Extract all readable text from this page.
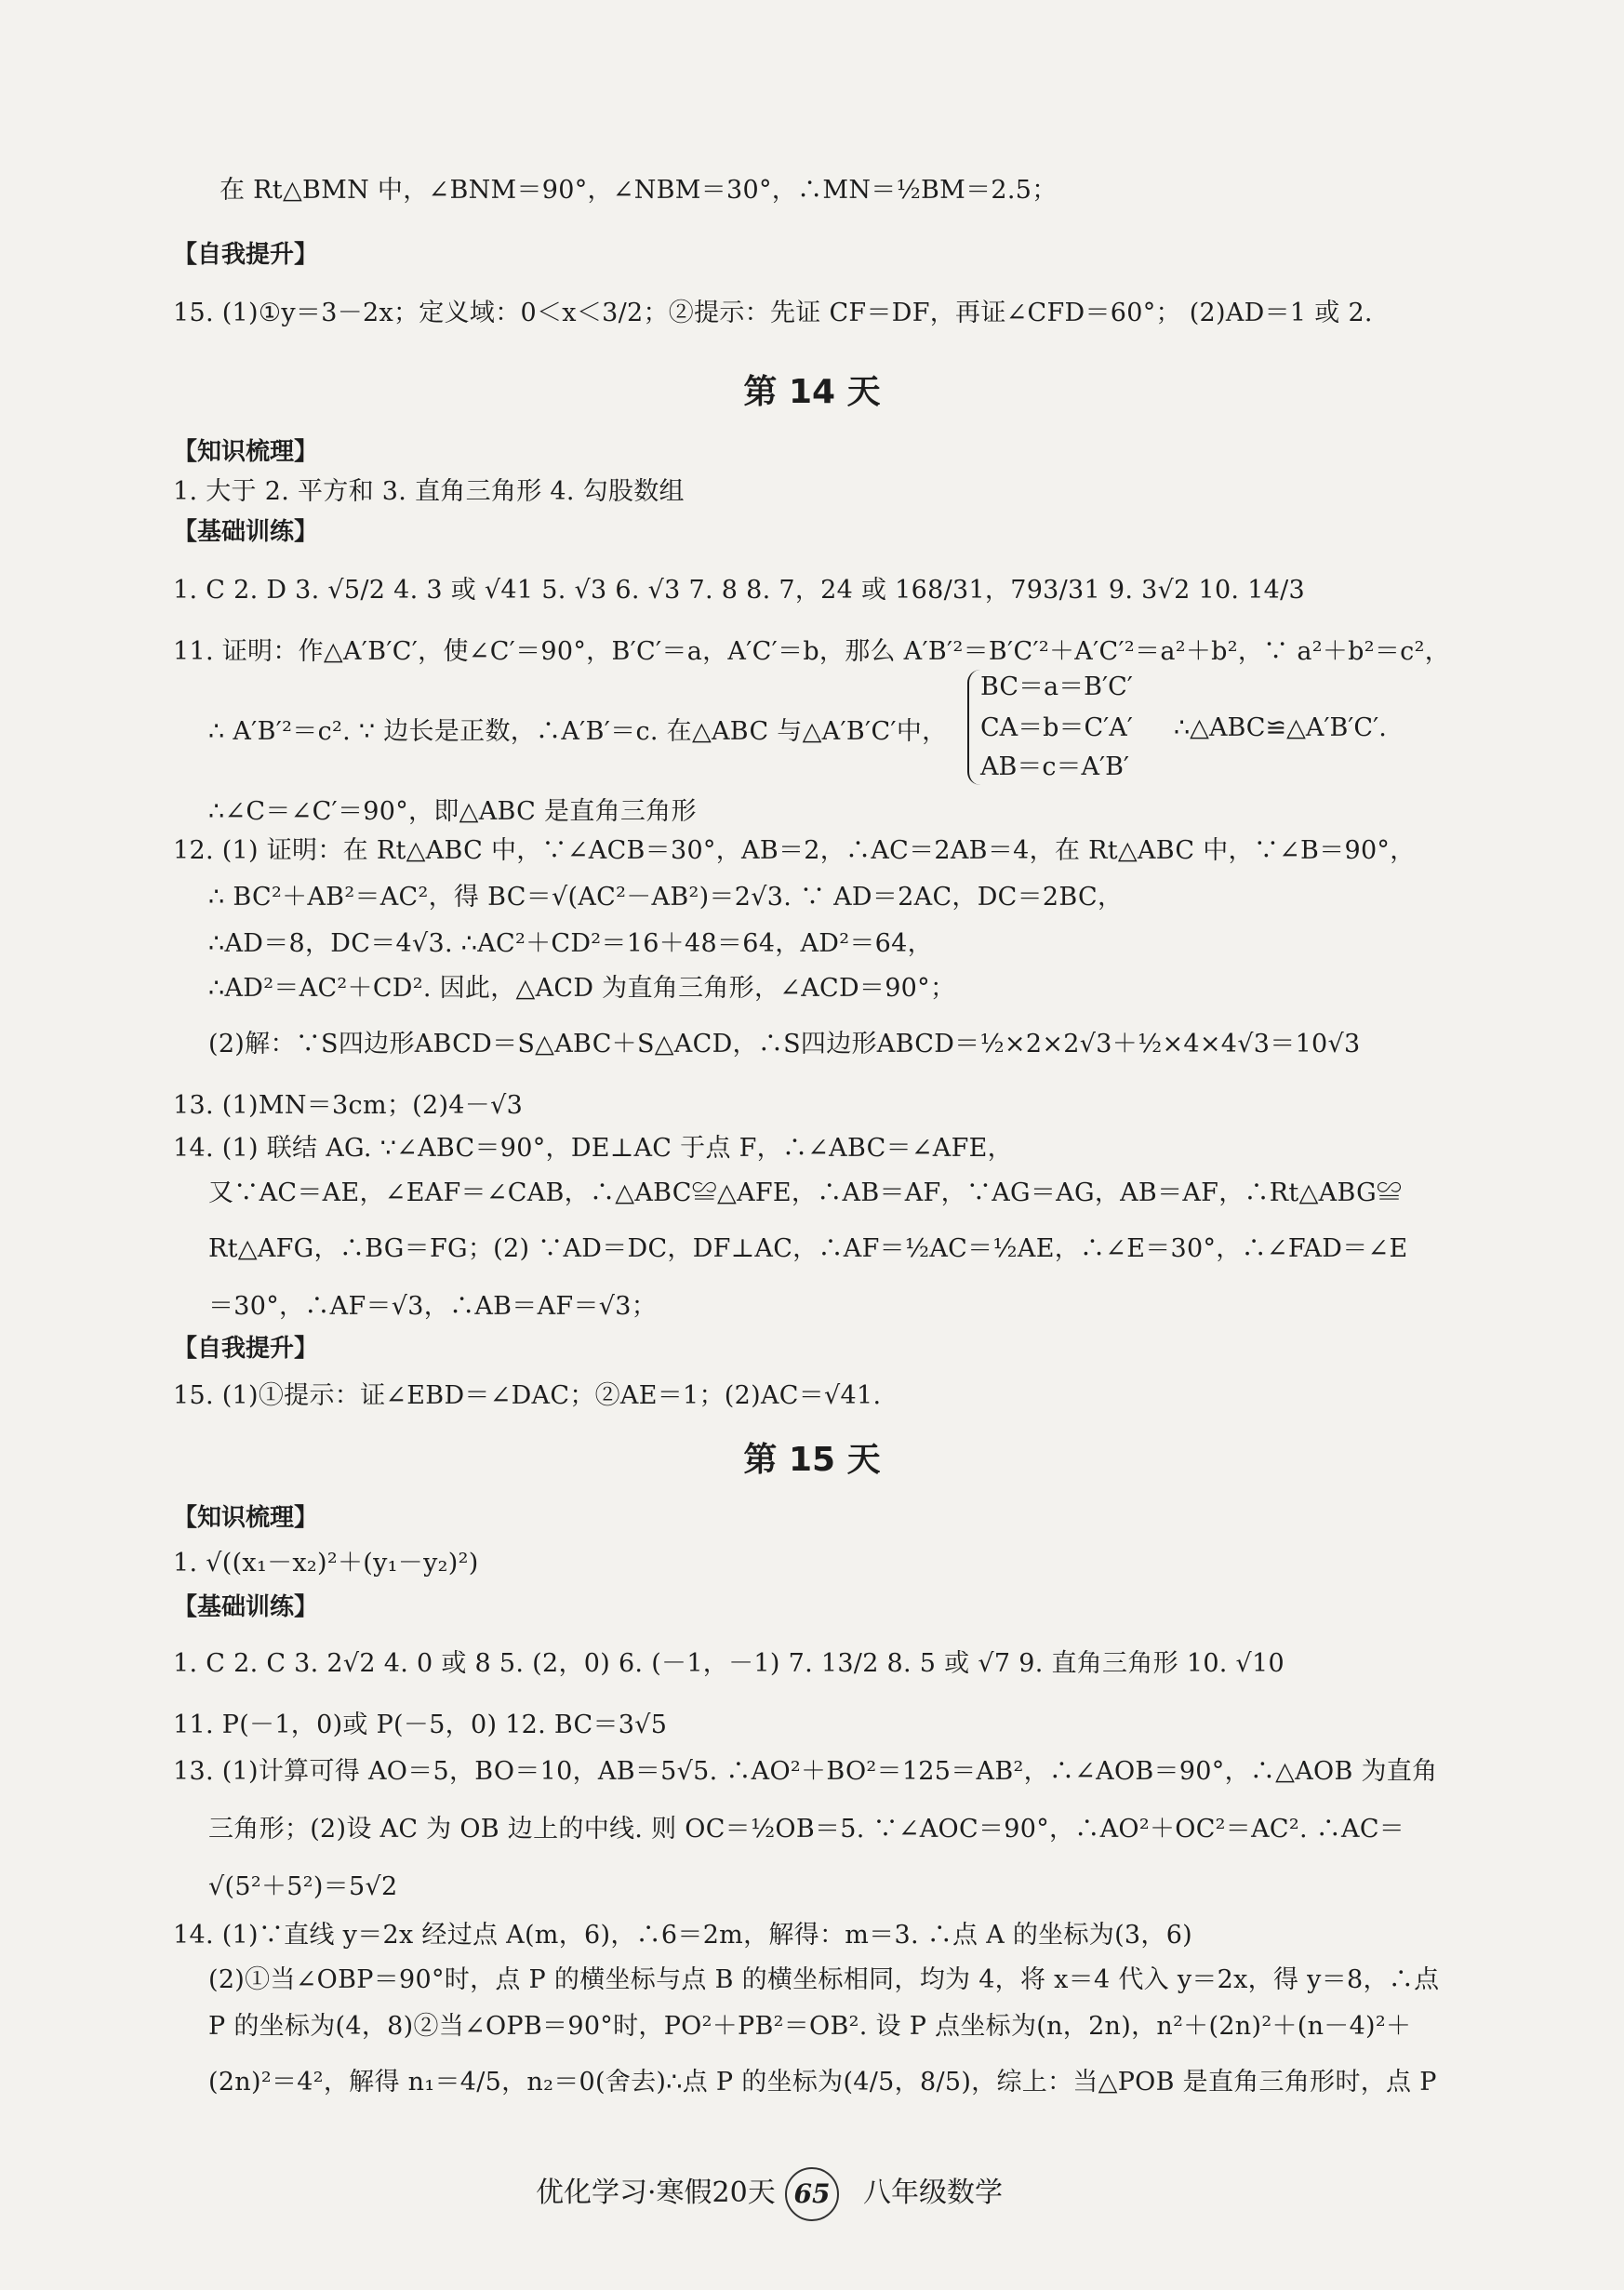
在 Rt△BMN 中，∠BNM＝90°，∠NBM＝30°，∴MN＝½BM＝2.5；
【自我提升】
15. (1)①y＝3－2x；定义域：0＜x＜3/2；②提示：先证 CF＝DF，再证∠CFD＝60°； (2)AD＝1 或 2.
第 14 天
【知识梳理】
1. 大于 2. 平方和 3. 直角三角形 4. 勾股数组
【基础训练】
1. C 2. D 3. √5/2 4. 3 或 √41 5. √3 6. √3 7. 8 8. 7，24 或 168/31，793/31 9. 3√2 10. 14/3
11. 证明：作△A′B′C′，使∠C′＝90°，B′C′＝a，A′C′＝b，那么 A′B′²＝B′C′²＋A′C′²＝a²＋b²，∵ a²＋b²＝c²，
∴ A′B′²＝c². ∵ 边长是正数，∴A′B′＝c. 在△ABC 与△A′B′C′中，
BC＝a＝B′C′
CA＝b＝C′A′
AB＝c＝A′B′
∴△ABC≌△A′B′C′.
∴∠C＝∠C′＝90°，即△ABC 是直角三角形
12. (1) 证明：在 Rt△ABC 中，∵∠ACB＝30°，AB＝2，∴AC＝2AB＝4，在 Rt△ABC 中，∵∠B＝90°，
∴ BC²＋AB²＝AC²，得 BC＝√(AC²－AB²)＝2√3. ∵ AD＝2AC，DC＝2BC，
∴AD＝8，DC＝4√3. ∴AC²＋CD²＝16＋48＝64，AD²＝64，
∴AD²＝AC²＋CD². 因此，△ACD 为直角三角形，∠ACD＝90°；
(2)解：∵S四边形ABCD＝S△ABC＋S△ACD，∴S四边形ABCD＝½×2×2√3＋½×4×4√3＝10√3
13. (1)MN＝3cm；(2)4－√3
14. (1) 联结 AG. ∵∠ABC＝90°，DE⊥AC 于点 F，∴∠ABC＝∠AFE，
又∵AC＝AE，∠EAF＝∠CAB，∴△ABC≌△AFE，∴AB＝AF，∵AG＝AG，AB＝AF，∴Rt△ABG≌
Rt△AFG，∴BG＝FG；(2) ∵AD＝DC，DF⊥AC，∴AF＝½AC＝½AE，∴∠E＝30°，∴∠FAD＝∠E
＝30°，∴AF＝√3，∴AB＝AF＝√3；
【自我提升】
15. (1)①提示：证∠EBD＝∠DAC；②AE＝1；(2)AC＝√41.
第 15 天
【知识梳理】
1. √((x₁－x₂)²＋(y₁－y₂)²)
【基础训练】
1. C 2. C 3. 2√2 4. 0 或 8 5. (2，0) 6. (－1，－1) 7. 13/2 8. 5 或 √7 9. 直角三角形 10. √10
11. P(－1，0)或 P(－5，0) 12. BC＝3√5
13. (1)计算可得 AO＝5，BO＝10，AB＝5√5. ∴AO²＋BO²＝125＝AB²，∴∠AOB＝90°，∴△AOB 为直角
三角形；(2)设 AC 为 OB 边上的中线. 则 OC＝½OB＝5. ∵∠AOC＝90°，∴AO²＋OC²＝AC². ∴AC＝
√(5²＋5²)＝5√2
14. (1)∵直线 y＝2x 经过点 A(m，6)，∴6＝2m，解得：m＝3. ∴点 A 的坐标为(3，6)
(2)①当∠OBP＝90°时，点 P 的横坐标与点 B 的横坐标相同，均为 4，将 x＝4 代入 y＝2x，得 y＝8，∴点
P 的坐标为(4，8)②当∠OPB＝90°时，PO²＋PB²＝OB². 设 P 点坐标为(n，2n)，n²＋(2n)²＋(n－4)²＋
(2n)²＝4²，解得 n₁＝4/5，n₂＝0(舍去)∴点 P 的坐标为(4/5，8/5)，综上：当△POB 是直角三角形时，点 P
优化学习·寒假20天 65	八年级数学
